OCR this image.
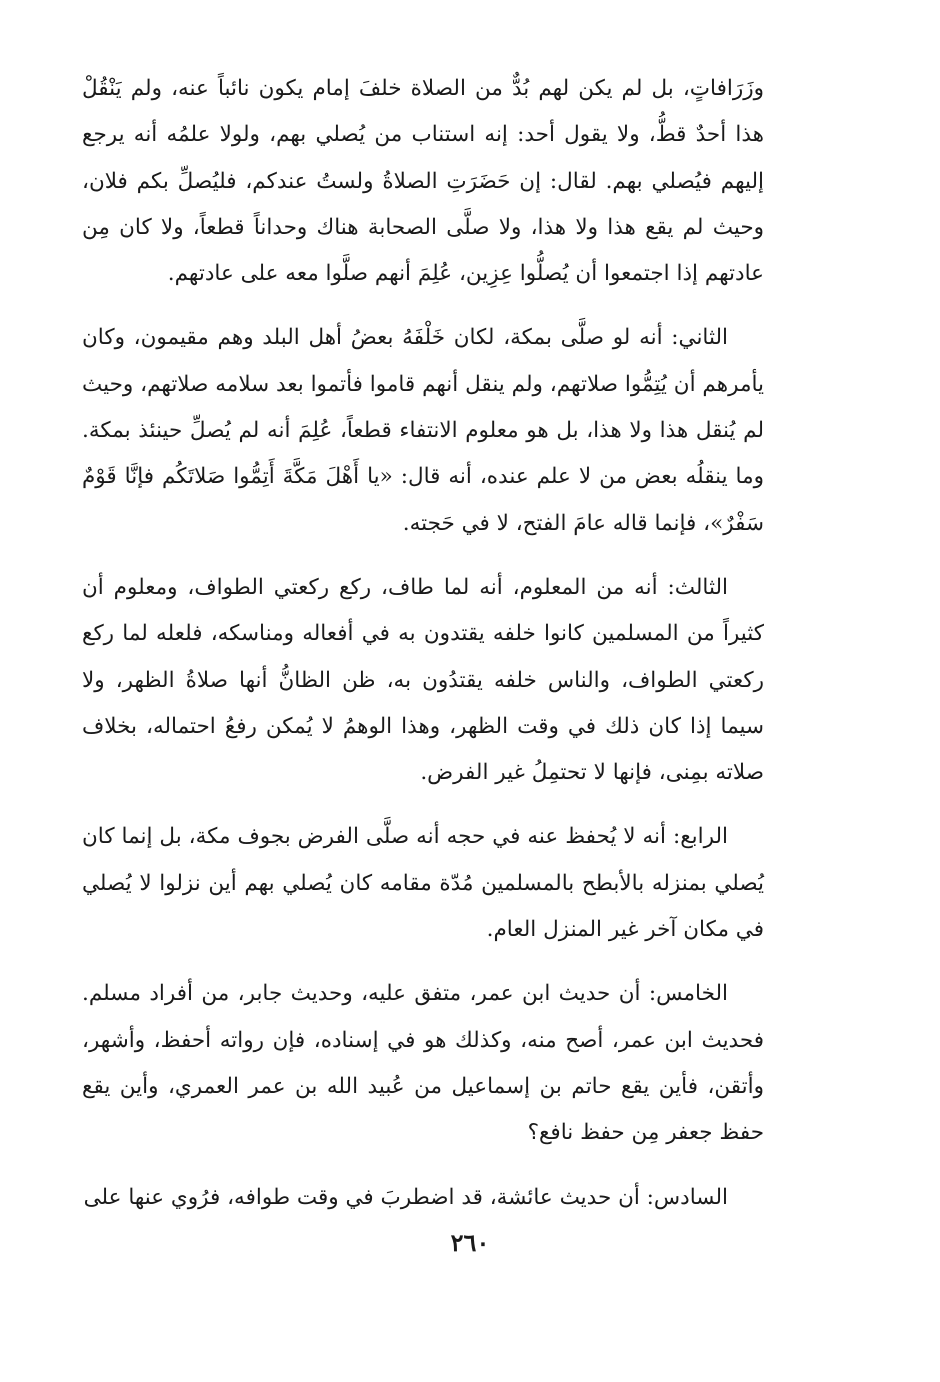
وزَرَافاتٍ، بل لم يكن لهم بُدٌّ من الصلاة خلفَ إمام يكون نائباً عنه، ولم يَنْقُلْ هذا أحدٌ قطُّ، ولا يقول أحد: إنه استناب من يُصلي بهم، ولولا علمُه أنه يرجع إليهم فيُصلي بهم. لقال: إن حَضَرَتِ الصلاةُ ولستُ عندكم، فليُصلِّ بكم فلان، وحيث لم يقع هذا ولا هذا، ولا صلَّى الصحابة هناك وحداناً قطعاً، ولا كان مِن عادتهم إذا اجتمعوا أن يُصلُّوا عِزِين، عُلِمَ أنهم صلَّوا معه على عادتهم.

الثاني: أنه لو صلَّى بمكة، لكان خَلْفَهُ بعضُ أهل البلد وهم مقيمون، وكان يأمرهم أن يُتِمُّوا صلاتهم، ولم ينقل أنهم قاموا فأتموا بعد سلامه صلاتهم، وحيث لم يُنقل هذا ولا هذا، بل هو معلوم الانتفاء قطعاً، عُلِمَ أنه لم يُصلِّ حينئذ بمكة. وما ينقلُه بعض من لا علم عنده، أنه قال: «يا أَهْلَ مَكَّةَ أَتِمُّوا صَلاتَكُم فإنَّا قَوْمٌ سَفْرٌ»، فإنما قاله عامَ الفتح، لا في حَجته.

الثالث: أنه من المعلوم، أنه لما طاف، ركع ركعتي الطواف، ومعلوم أن كثيراً من المسلمين كانوا خلفه يقتدون به في أفعاله ومناسكه، فلعله لما ركع ركعتي الطواف، والناس خلفه يقتدُون به، ظن الظانُّ أنها صلاةُ الظهر، ولا سيما إذا كان ذلك في وقت الظهر، وهذا الوهمُ لا يُمكن رفعُ احتماله، بخلاف صلاته بمِنى، فإنها لا تحتمِلُ غير الفرض.

الرابع: أنه لا يُحفظ عنه في حجه أنه صلَّى الفرض بجوف مكة، بل إنما كان يُصلي بمنزله بالأبطح بالمسلمين مُدّة مقامه كان يُصلي بهم أين نزلوا لا يُصلي في مكان آخر غير المنزل العام.

الخامس: أن حديث ابن عمر، متفق عليه، وحديث جابر، من أفراد مسلم. فحديث ابن عمر، أصح منه، وكذلك هو في إسناده، فإن رواته أحفظ، وأشهر، وأتقن، فأين يقع حاتم بن إسماعيل من عُبيد الله بن عمر العمري، وأين يقع حفظ جعفر مِن حفظ نافع؟

السادس: أن حديث عائشة، قد اضطربَ في وقت طوافه، فرُوي عنها على

٢٦٠
